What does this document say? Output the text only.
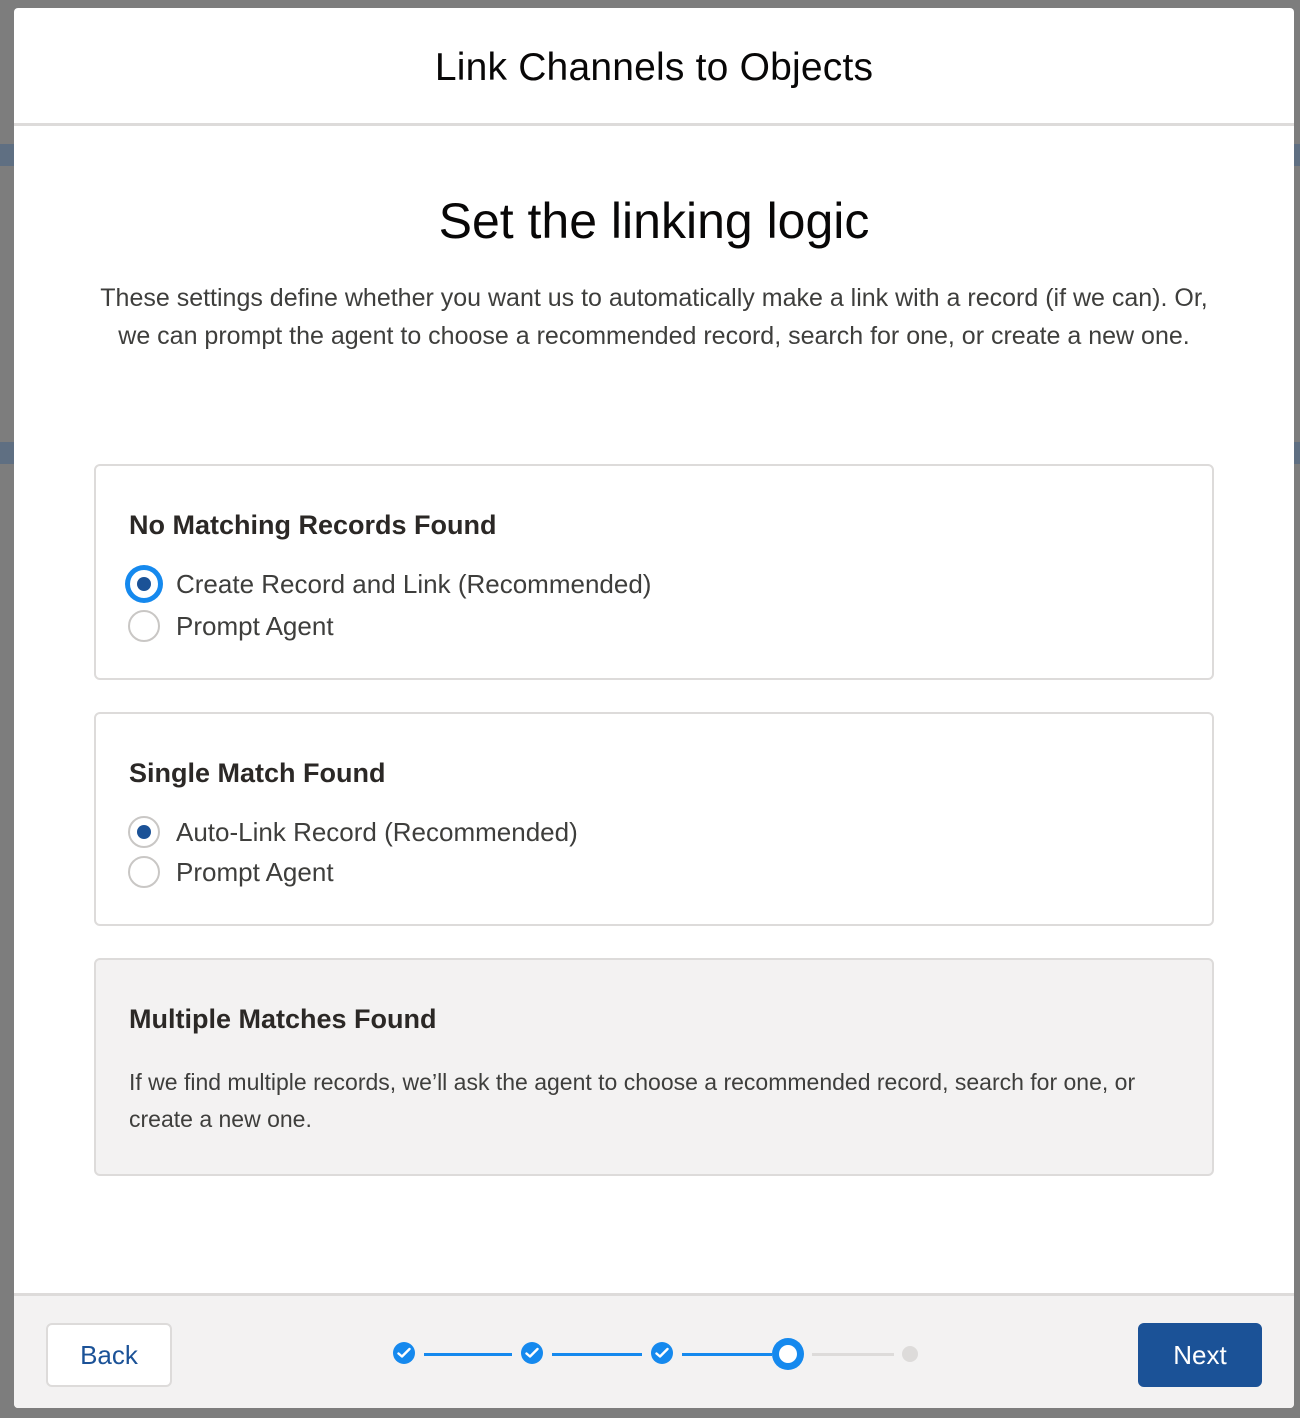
Link Channels to Objects
Set the linking logic

These settings define whether you want us to automatically make a link with a record (if we can). Or, we can prompt the agent to choose a recommended record, search for one, or create a new one.

No Matching Records Found
Create Record and Link (Recommended)
Prompt Agent
Single Match Found
Auto-Link Record (Recommended)
Prompt Agent
Multiple Matches Found

If we find multiple records, we’ll ask the agent to choose a recommended record, search for one, or create a new one.

Back	Next
